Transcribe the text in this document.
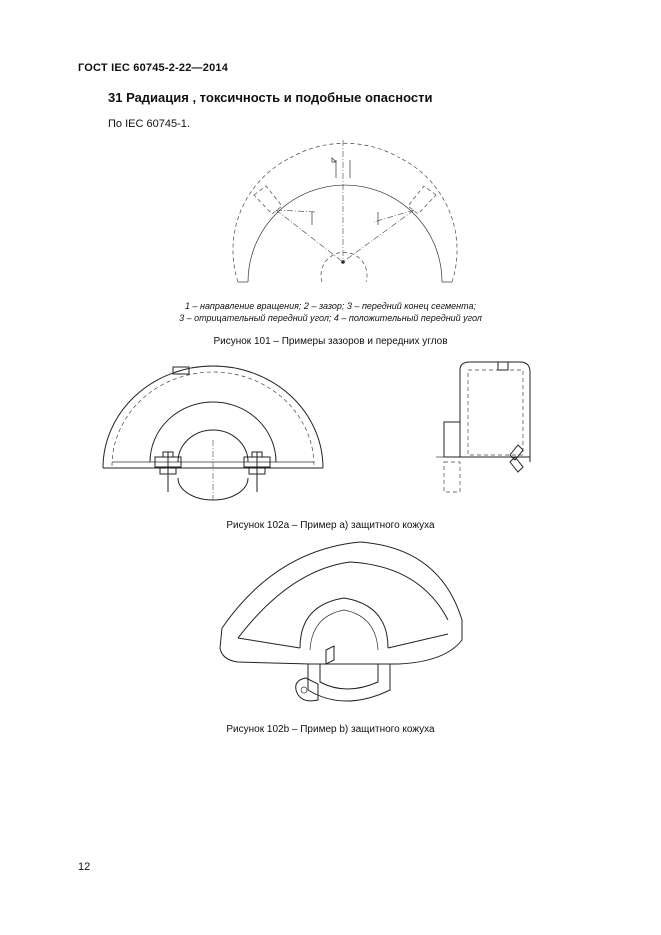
ГОСТ IEC 60745-2-22—2014
31 Радиация , токсичность и подобные опасности
По IEC 60745-1.
1 – направление вращения; 2 – зазор; 3 – передний конец сегмента;
3 – отрицательный передний угол; 4 – положительный передний угол
Рисунок 101 – Примеры зазоров и передних углов
Рисунок 102a – Пример a) защитного кожуха
Рисунок 102b – Пример b) защитного кожуха
12
